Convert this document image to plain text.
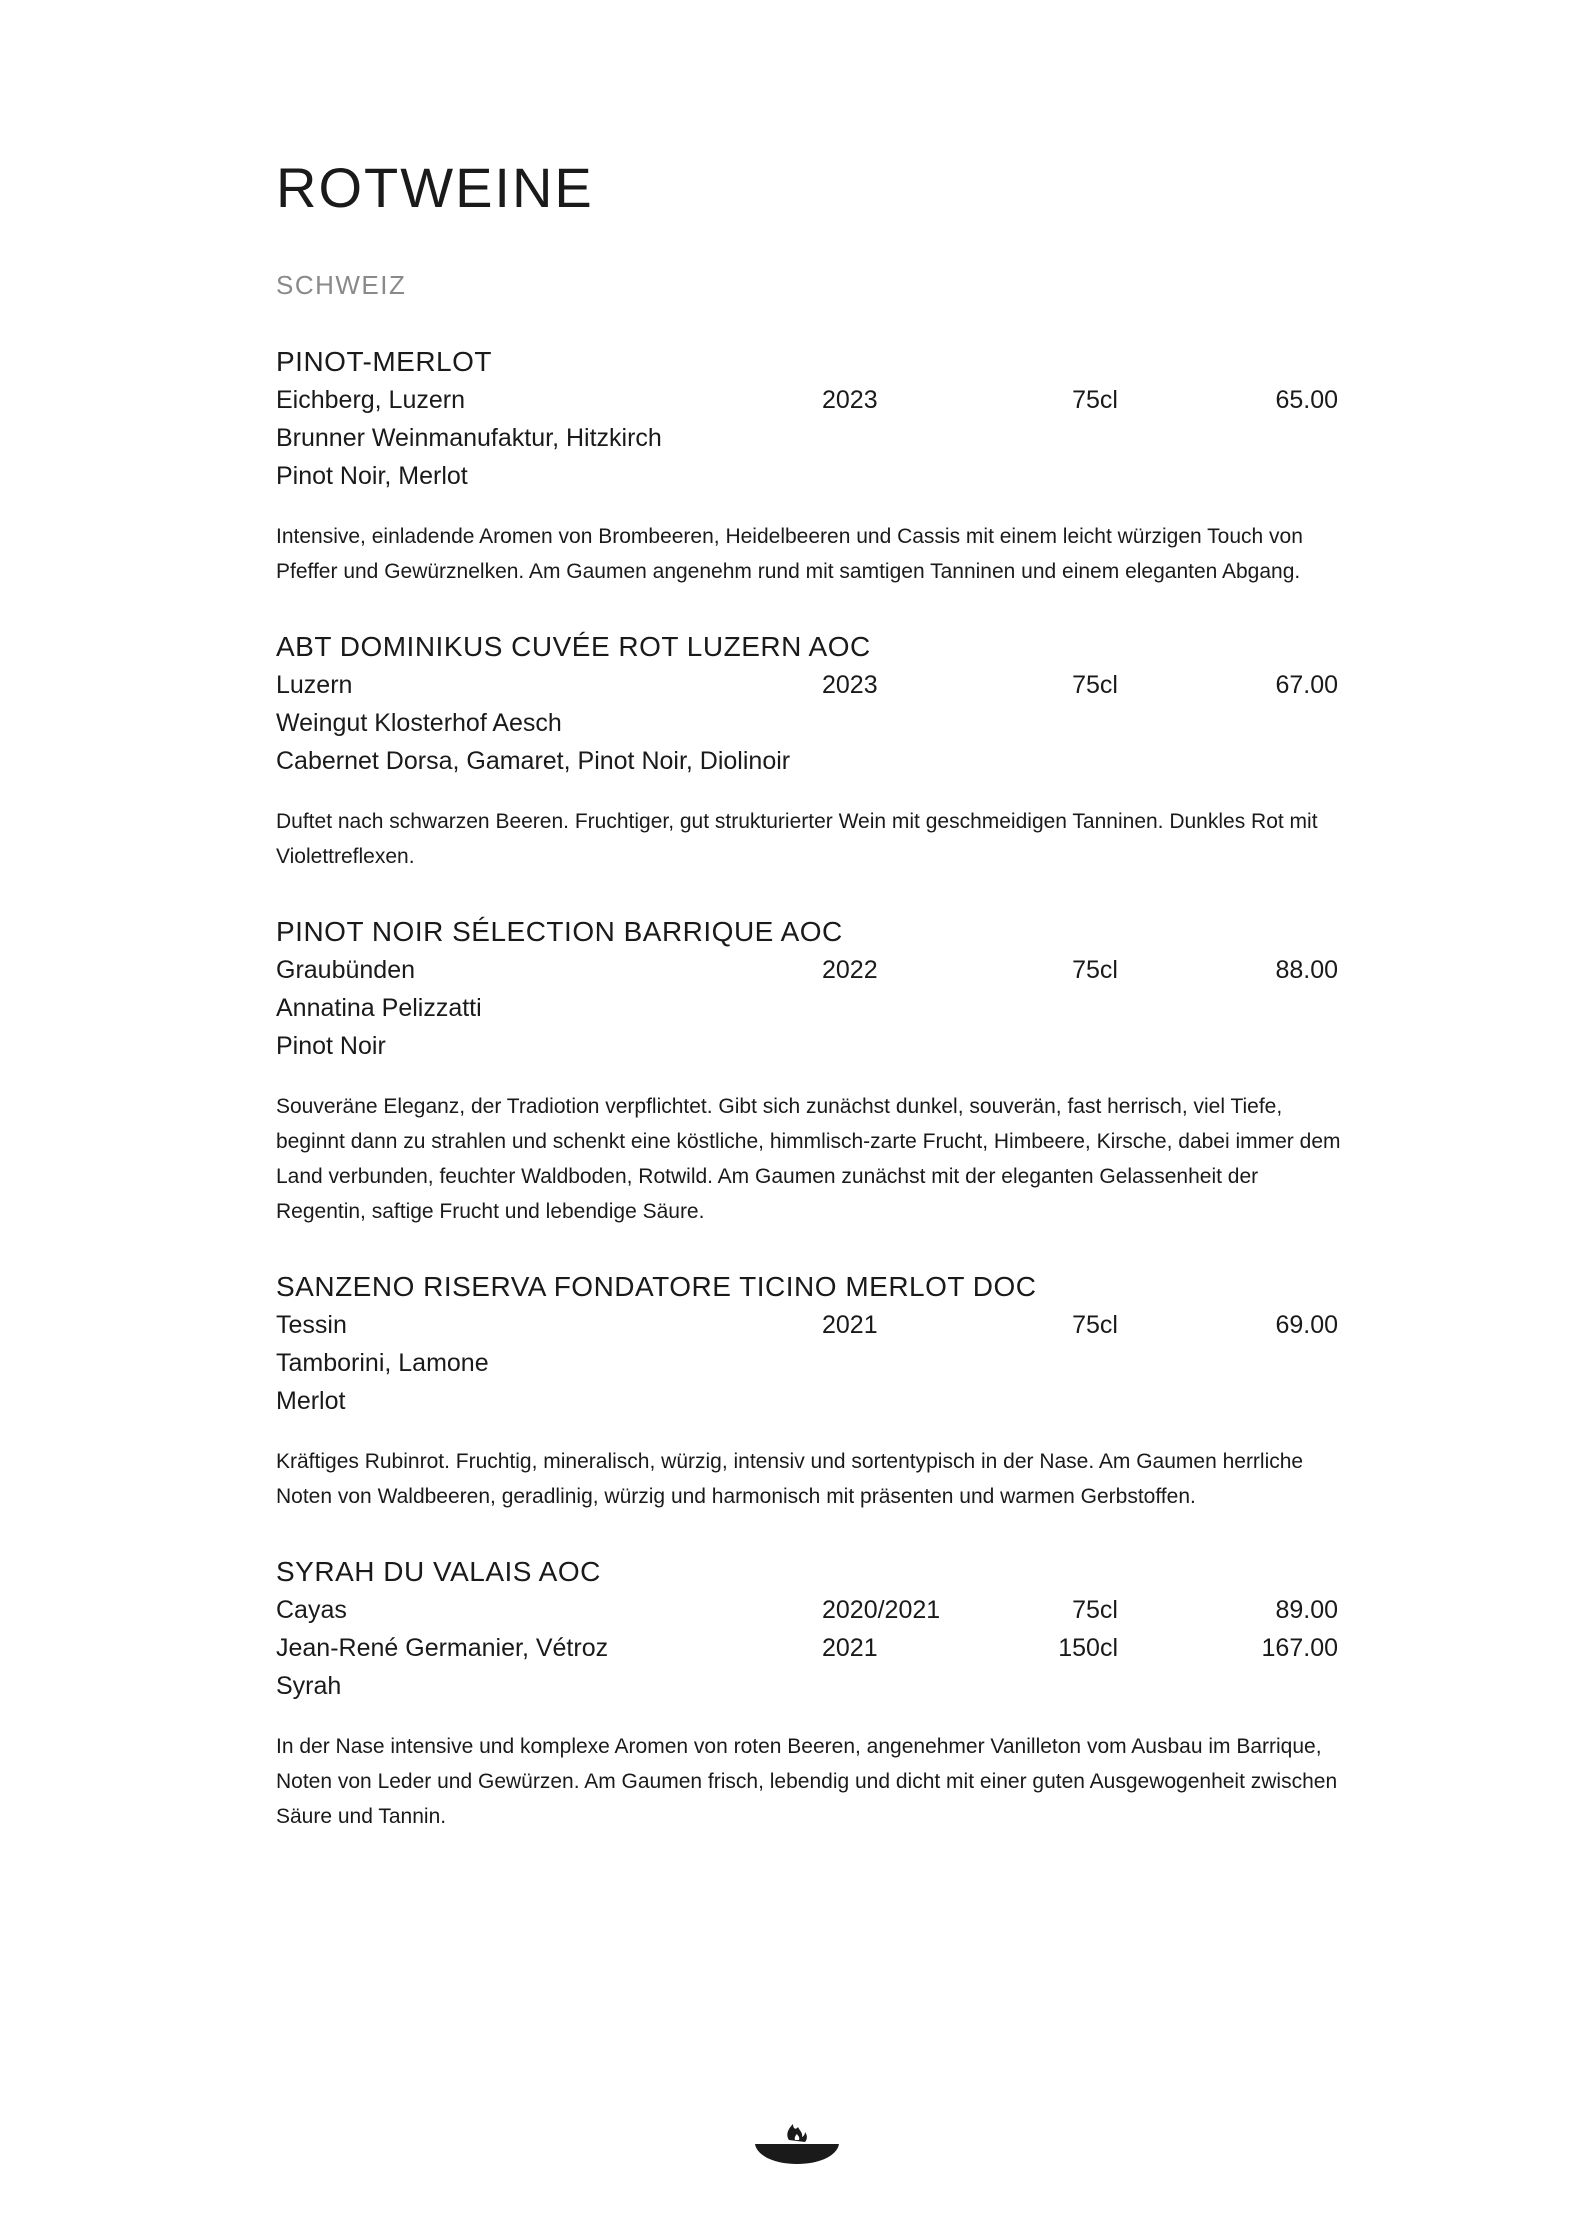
ROTWEINE
SCHWEIZ
PINOT-MERLOT
Eichberg, Luzern	2023	75cl	65.00
Brunner Weinmanufaktur, Hitzkirch
Pinot Noir, Merlot
Intensive, einladende Aromen von Brombeeren, Heidelbeeren und Cassis mit einem leicht würzigen Touch von Pfeffer und Gewürznelken. Am Gaumen angenehm rund mit samtigen Tanninen und einem eleganten Abgang.
ABT DOMINIKUS CUVÉE ROT LUZERN AOC
Luzern	2023	75cl	67.00
Weingut Klosterhof Aesch
Cabernet Dorsa, Gamaret, Pinot Noir, Diolinoir
Duftet nach schwarzen Beeren. Fruchtiger, gut strukturierter Wein mit geschmeidigen Tanninen. Dunkles Rot mit Violettreflexen.
PINOT NOIR SÉLECTION BARRIQUE AOC
Graubünden	2022	75cl	88.00
Annatina Pelizzatti
Pinot Noir
Souveräne Eleganz, der Tradiotion verpflichtet. Gibt sich zunächst dunkel, souverän, fast herrisch, viel Tiefe, beginnt dann zu strahlen und schenkt eine köstliche, himmlisch-zarte Frucht, Himbeere, Kirsche, dabei immer dem Land verbunden, feuchter Waldboden, Rotwild. Am Gaumen zunächst mit der eleganten Gelassenheit der Regentin, saftige Frucht und lebendige Säure.
SANZENO RISERVA FONDATORE TICINO MERLOT DOC
Tessin	2021	75cl	69.00
Tamborini, Lamone
Merlot
Kräftiges Rubinrot. Fruchtig, mineralisch, würzig, intensiv und sortentypisch in der Nase. Am Gaumen herrliche Noten von Waldbeeren, geradlinig, würzig und harmonisch mit präsenten und warmen Gerbstoffen.
SYRAH DU VALAIS AOC
Cayas	2020/2021	75cl	89.00
Jean-René Germanier, Vétroz	2021	150cl	167.00
Syrah
In der Nase intensive und komplexe Aromen von roten Beeren, angenehmer Vanilleton vom Ausbau im Barrique, Noten von Leder und Gewürzen. Am Gaumen frisch, lebendig und dicht mit einer guten Ausgewogenheit zwischen Säure und Tannin.
